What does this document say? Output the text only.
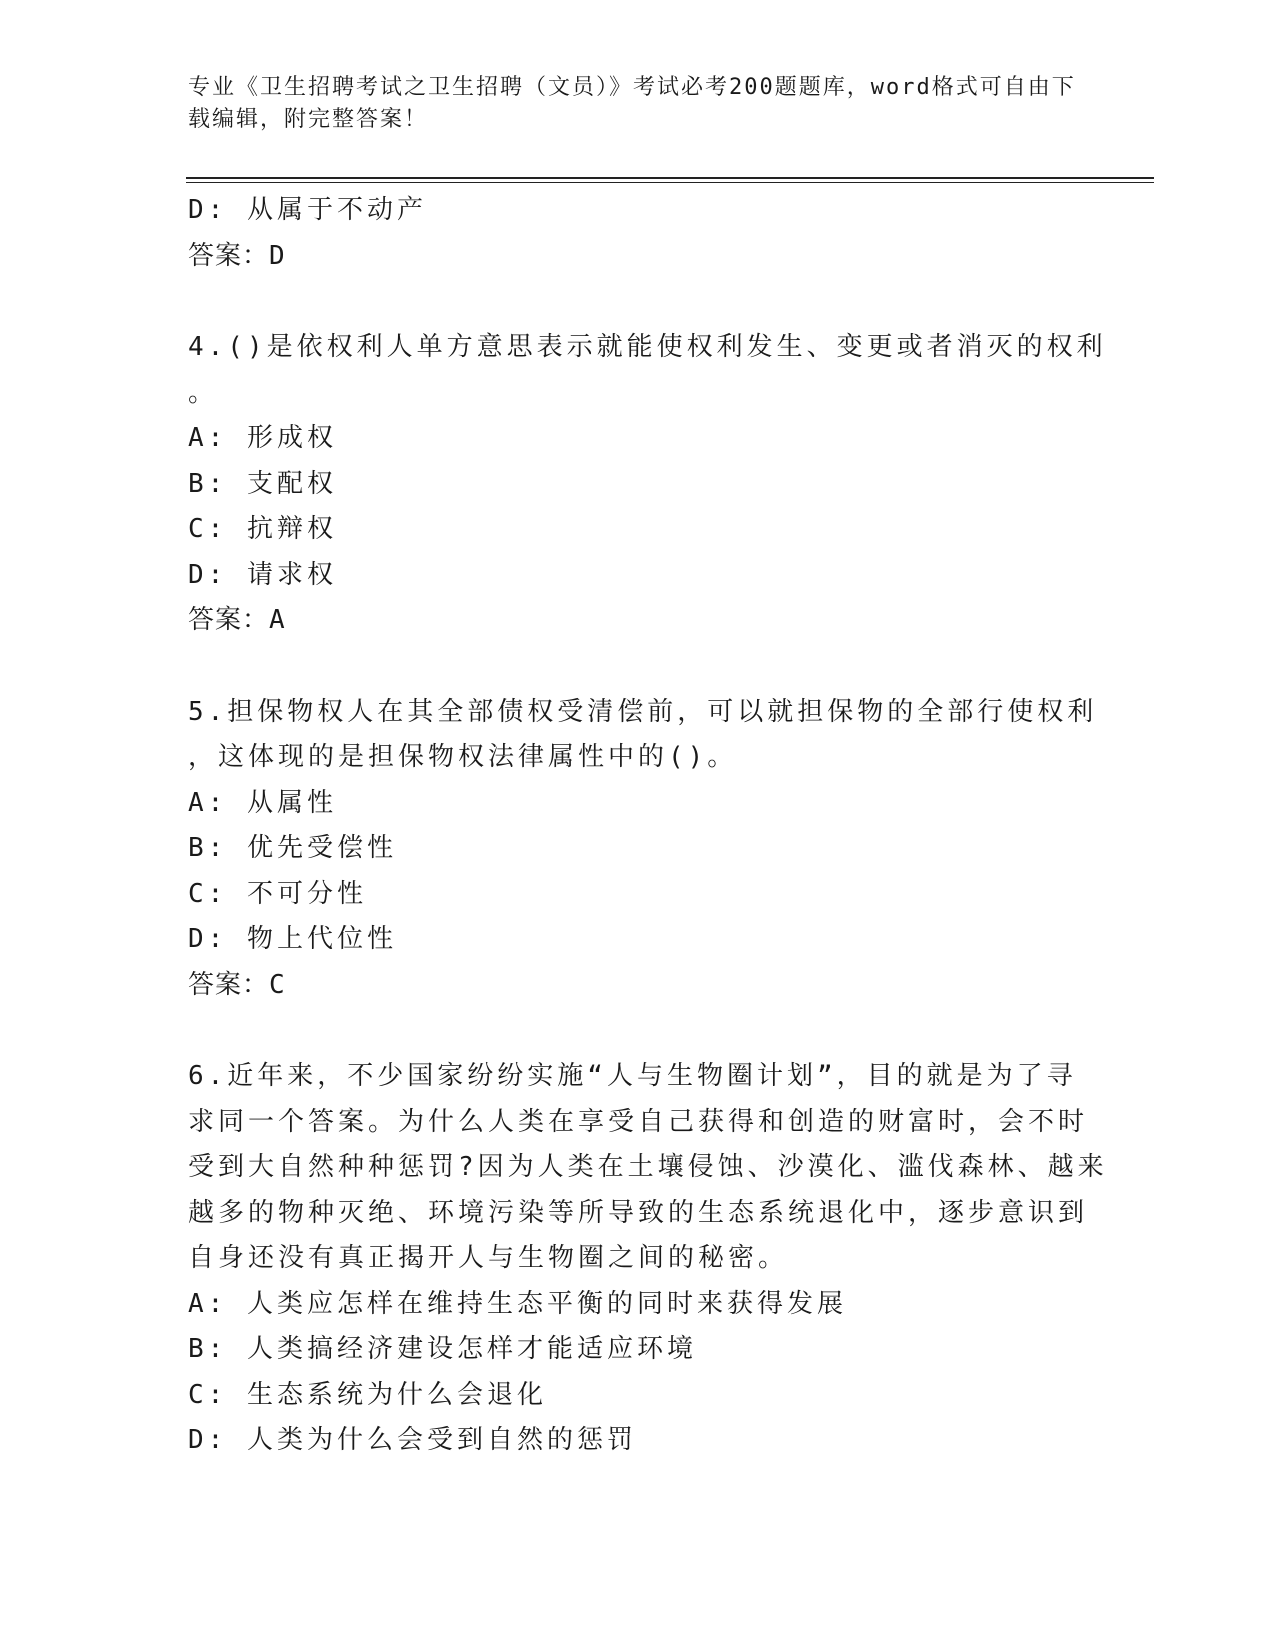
专业《卫生招聘考试之卫生招聘（文员）》考试必考200题题库，word格式可自由下载编辑，附完整答案！
D: 从属于不动产
答案：D
4.()是依权利人单方意思表示就能使权利发生、变更或者消灭的权利
。
A: 形成权
B: 支配权
C: 抗辩权
D: 请求权
答案：A
5.担保物权人在其全部债权受清偿前，可以就担保物的全部行使权利
，这体现的是担保物权法律属性中的()。
A: 从属性
B: 优先受偿性
C: 不可分性
D: 物上代位性
答案：C
6.近年来，不少国家纷纷实施“人与生物圈计划”，目的就是为了寻
求同一个答案。为什么人类在享受自己获得和创造的财富时，会不时
受到大自然种种惩罚?因为人类在土壤侵蚀、沙漠化、滥伐森林、越来
越多的物种灭绝、环境污染等所导致的生态系统退化中，逐步意识到
自身还没有真正揭开人与生物圈之间的秘密。
A: 人类应怎样在维持生态平衡的同时来获得发展
B: 人类搞经济建设怎样才能适应环境
C: 生态系统为什么会退化
D: 人类为什么会受到自然的惩罚
